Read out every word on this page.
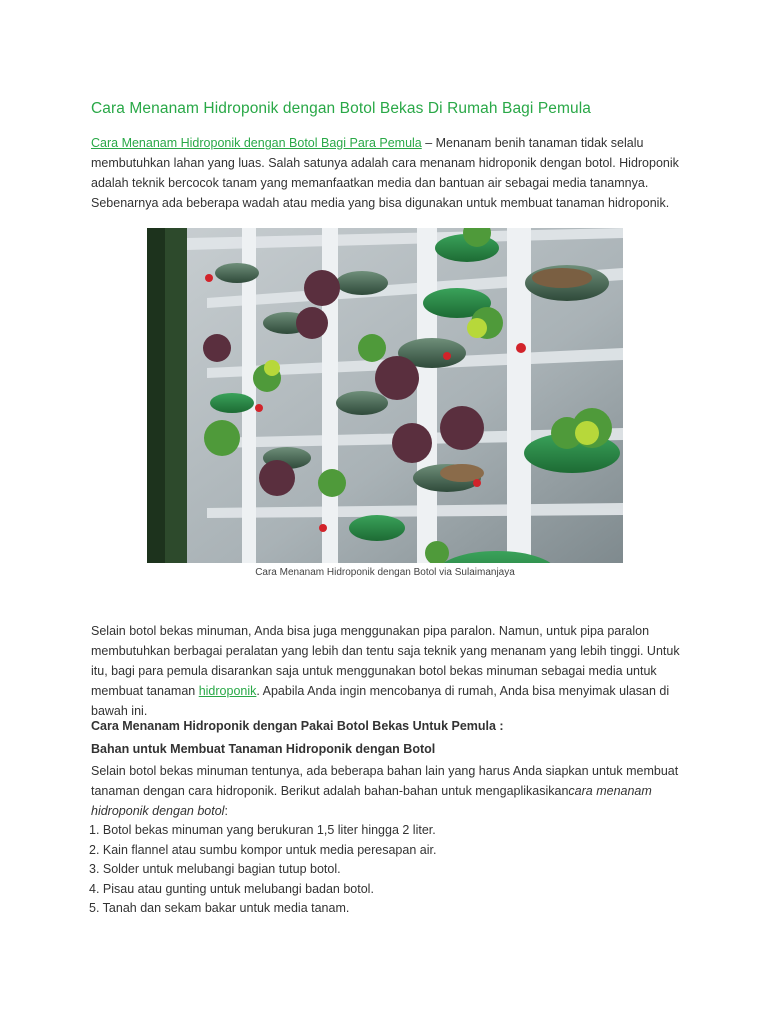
Cara Menanam Hidroponik dengan Botol Bekas Di Rumah Bagi Pemula

Cara Menanam Hidroponik dengan Botol Bagi Para Pemula – Menanam benih tanaman tidak selalu membutuhkan lahan yang luas. Salah satunya adalah cara menanam hidroponik dengan botol. Hidroponik adalah teknik bercocok tanam yang memanfaatkan media dan bantuan air sebagai media tanamnya. Sebenarnya ada beberapa wadah atau media yang bisa digunakan untuk membuat tanaman hidroponik.

Cara Menanam Hidroponik dengan Botol via Sulaimanjaya

Selain botol bekas minuman, Anda bisa juga menggunakan pipa paralon. Namun, untuk pipa paralon membutuhkan berbagai peralatan yang lebih dan tentu saja teknik yang menanam yang lebih tinggi. Untuk itu, bagi para pemula disarankan saja untuk menggunakan botol bekas minuman sebagai media untuk membuat tanaman hidroponik. Apabila Anda ingin mencobanya di rumah, Anda bisa menyimak ulasan di bawah ini.

Cara Menanam Hidroponik dengan Pakai Botol Bekas Untuk Pemula :
Bahan untuk Membuat Tanaman Hidroponik dengan Botol

Selain botol bekas minuman tentunya, ada beberapa bahan lain yang harus Anda siapkan untuk membuat tanaman dengan cara hidroponik. Berikut adalah bahan-bahan untuk mengaplikasikancara menanam hidroponik dengan botol:

1. Botol bekas minuman yang berukuran 1,5 liter hingga 2 liter.
2. Kain flannel atau sumbu kompor untuk media peresapan air.
3. Solder untuk melubangi bagian tutup botol.
4. Pisau atau gunting untuk melubangi badan botol.
5. Tanah dan sekam bakar untuk media tanam.
